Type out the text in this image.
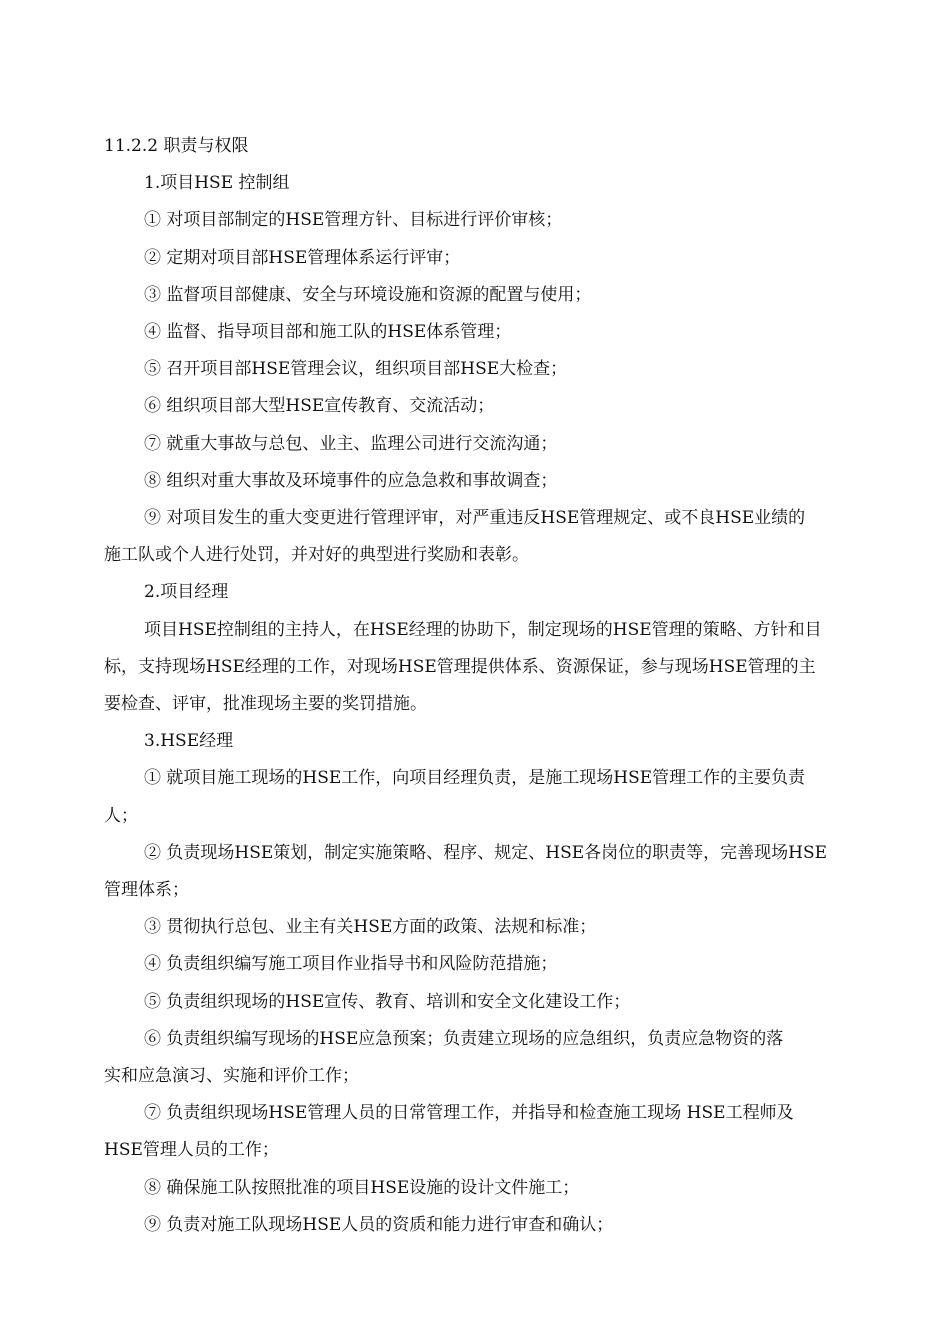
11.2.2 职责与权限

1.项目HSE 控制组

① 对项目部制定的HSE管理方针、目标进行评价审核；

② 定期对项目部HSE管理体系运行评审；

③ 监督项目部健康、安全与环境设施和资源的配置与使用；

④ 监督、指导项目部和施工队的HSE体系管理；

⑤ 召开项目部HSE管理会议，组织项目部HSE大检查；

⑥ 组织项目部大型HSE宣传教育、交流活动；

⑦ 就重大事故与总包、业主、监理公司进行交流沟通；

⑧ 组织对重大事故及环境事件的应急急救和事故调查；

⑨ 对项目发生的重大变更进行管理评审，对严重违反HSE管理规定、或不良HSE业绩的

施工队或个人进行处罚，并对好的典型进行奖励和表彰。

2.项目经理

项目HSE控制组的主持人，在HSE经理的协助下，制定现场的HSE管理的策略、方针和目

标，支持现场HSE经理的工作，对现场HSE管理提供体系、资源保证，参与现场HSE管理的主

要检查、评审，批准现场主要的奖罚措施。

3.HSE经理

① 就项目施工现场的HSE工作，向项目经理负责，是施工现场HSE管理工作的主要负责

人；

② 负责现场HSE策划，制定实施策略、程序、规定、HSE各岗位的职责等，完善现场HSE

管理体系；

③ 贯彻执行总包、业主有关HSE方面的政策、法规和标准；

④ 负责组织编写施工项目作业指导书和风险防范措施；

⑤ 负责组织现场的HSE宣传、教育、培训和安全文化建设工作；

⑥ 负责组织编写现场的HSE应急预案；负责建立现场的应急组织，负责应急物资的落

实和应急演习、实施和评价工作；

⑦ 负责组织现场HSE管理人员的日常管理工作，并指导和检查施工现场 HSE工程师及

HSE管理人员的工作；

⑧ 确保施工队按照批准的项目HSE设施的设计文件施工；

⑨ 负责对施工队现场HSE人员的资质和能力进行审查和确认；
